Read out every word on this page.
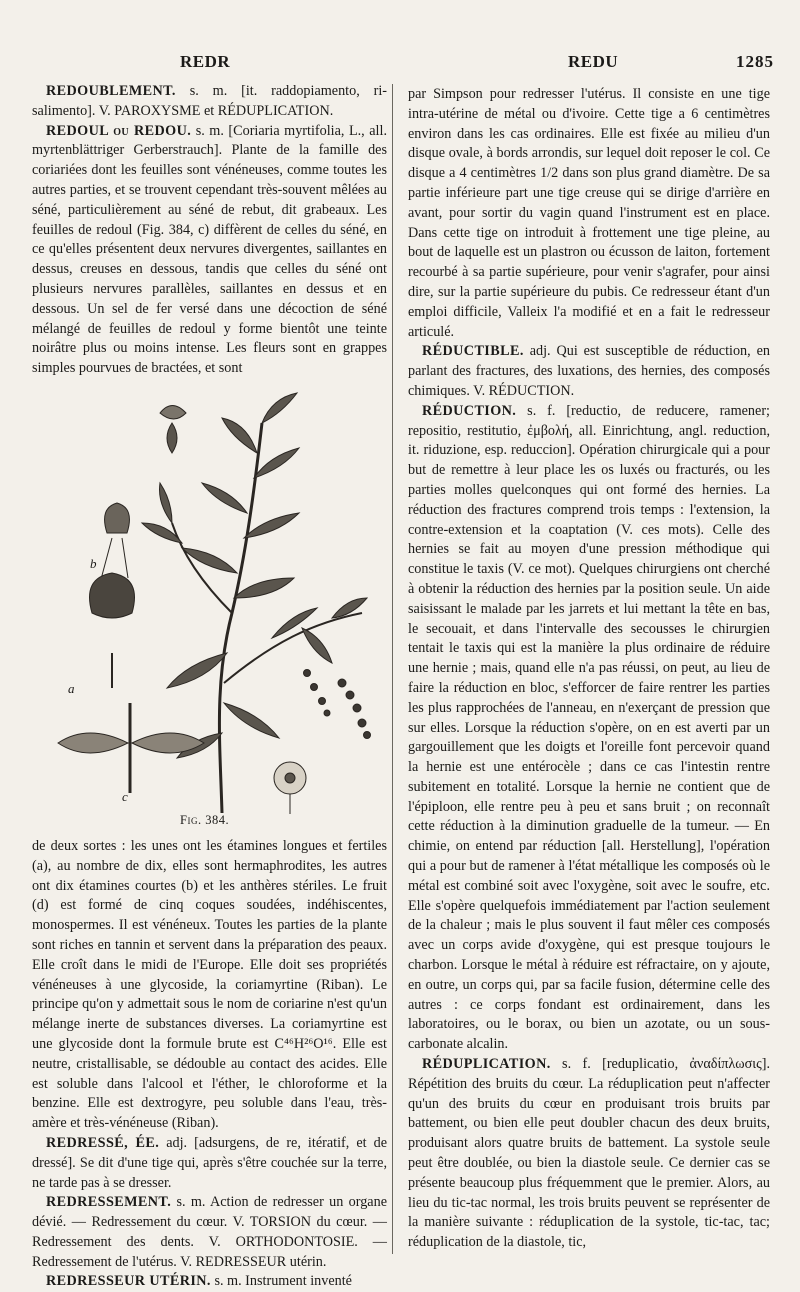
REDR	REDU	1285

REDOUBLEMENT. s. m. [it. raddopiamento, ri-salimento]. V. PAROXYSME et RÉDUPLICATION.

REDOUL ou REDOU. s. m. [Coriaria myrtifolia, L., all. myrtenblättriger Gerberstrauch]. Plante de la famille des coriariées dont les feuilles sont vénéneuses, comme toutes les autres parties, et se trouvent cependant très-souvent mêlées au séné, particulièrement au séné de rebut, dit grabeaux. Les feuilles de redoul (Fig. 384, c) diffèrent de celles du séné, en ce qu'elles présentent deux nervures divergentes, saillantes en dessus, creuses en dessous, tandis que celles du séné ont plusieurs nervures parallèles, saillantes en dessus et en dessous. Un sel de fer versé dans une décoction de séné mélangé de feuilles de redoul y forme bientôt une teinte noirâtre plus ou moins intense. Les fleurs sont en grappes simples pourvues de bractées, et sont

b
a
c
Fig. 384.

de deux sortes : les unes ont les étamines longues et fertiles (a), au nombre de dix, elles sont hermaphrodites, les autres ont dix étamines courtes (b) et les anthères stériles. Le fruit (d) est formé de cinq coques soudées, indéhiscentes, monospermes. Il est vénéneux. Toutes les parties de la plante sont riches en tannin et servent dans la préparation des peaux. Elle croît dans le midi de l'Europe. Elle doit ses propriétés vénéneuses à une glycoside, la coriamyrtine (Riban). Le principe qu'on y admettait sous le nom de coriarine n'est qu'un mélange inerte de substances diverses. La coriamyrtine est une glycoside dont la formule brute est C⁴⁶H²⁶O¹⁶. Elle est neutre, cristallisable, se dédouble au contact des acides. Elle est soluble dans l'alcool et l'éther, le chloroforme et la benzine. Elle est dextrogyre, peu soluble dans l'eau, très-amère et très-vénéneuse (Riban).

REDRESSÉ, ÉE. adj. [adsurgens, de re, itératif, et de dressé]. Se dit d'une tige qui, après s'être couchée sur la terre, ne tarde pas à se dresser.

REDRESSEMENT. s. m. Action de redresser un organe dévié. — Redressement du cœur. V. TORSION du cœur. — Redressement des dents. V. ORTHODONTOSIE. — Redressement de l'utérus. V. REDRESSEUR utérin.

REDRESSEUR UTÉRIN. s. m. Instrument inventé

par Simpson pour redresser l'utérus. Il consiste en une tige intra-utérine de métal ou d'ivoire. Cette tige a 6 centimètres environ dans les cas ordinaires. Elle est fixée au milieu d'un disque ovale, à bords arrondis, sur lequel doit reposer le col. Ce disque a 4 centimètres 1/2 dans son plus grand diamètre. De sa partie inférieure part une tige creuse qui se dirige d'arrière en avant, pour sortir du vagin quand l'instrument est en place. Dans cette tige on introduit à frottement une tige pleine, au bout de laquelle est un plastron ou écusson de laiton, fortement recourbé à sa partie supérieure, pour venir s'agrafer, pour ainsi dire, sur la partie supérieure du pubis. Ce redresseur étant d'un emploi difficile, Valleix l'a modifié et en a fait le redresseur articulé.

RÉDUCTIBLE. adj. Qui est susceptible de réduction, en parlant des fractures, des luxations, des hernies, des composés chimiques. V. RÉDUCTION.

RÉDUCTION. s. f. [reductio, de reducere, ramener; repositio, restitutio, ἐμβολή, all. Einrichtung, angl. reduction, it. riduzione, esp. reduccion]. Opération chirurgicale qui a pour but de remettre à leur place les os luxés ou fracturés, ou les parties molles quelconques qui ont formé des hernies. La réduction des fractures comprend trois temps : l'extension, la contre-extension et la coaptation (V. ces mots). Celle des hernies se fait au moyen d'une pression méthodique qui constitue le taxis (V. ce mot). Quelques chirurgiens ont cherché à obtenir la réduction des hernies par la position seule. Un aide saisissant le malade par les jarrets et lui mettant la tête en bas, le secouait, et dans l'intervalle des secousses le chirurgien tentait le taxis qui est la manière la plus ordinaire de réduire une hernie ; mais, quand elle n'a pas réussi, on peut, au lieu de faire la réduction en bloc, s'efforcer de faire rentrer les parties les plus rapprochées de l'anneau, en n'exerçant de pression que sur elles. Lorsque la réduction s'opère, on en est averti par un gargouillement que les doigts et l'oreille font percevoir quand la hernie est une entérocèle ; dans ce cas l'intestin rentre subitement en totalité. Lorsque la hernie ne contient que de l'épiploon, elle rentre peu à peu et sans bruit ; on reconnaît cette réduction à la diminution graduelle de la tumeur. — En chimie, on entend par réduction [all. Herstellung], l'opération qui a pour but de ramener à l'état métallique les composés où le métal est combiné soit avec l'oxygène, soit avec le soufre, etc. Elle s'opère quelquefois immédiatement par l'action seulement de la chaleur ; mais le plus souvent il faut mêler ces composés avec un corps avide d'oxygène, qui est presque toujours le charbon. Lorsque le métal à réduire est réfractaire, on y ajoute, en outre, un corps qui, par sa facile fusion, détermine celle des autres : ce corps fondant est ordinairement, dans les laboratoires, ou le borax, ou bien un azotate, ou un sous-carbonate alcalin.

RÉDUPLICATION. s. f. [reduplicatio, ἀναδίπλωσις]. Répétition des bruits du cœur. La réduplication peut n'affecter qu'un des bruits du cœur en produisant trois bruits par battement, ou bien elle peut doubler chacun des deux bruits, produisant alors quatre bruits de battement. La systole seule peut être doublée, ou bien la diastole seule. Ce dernier cas se présente beaucoup plus fréquemment que le premier. Alors, au lieu du tic-tac normal, les trois bruits peuvent se représenter de la manière suivante : réduplication de la systole, tic-tac, tac; réduplication de la diastole, tic,
